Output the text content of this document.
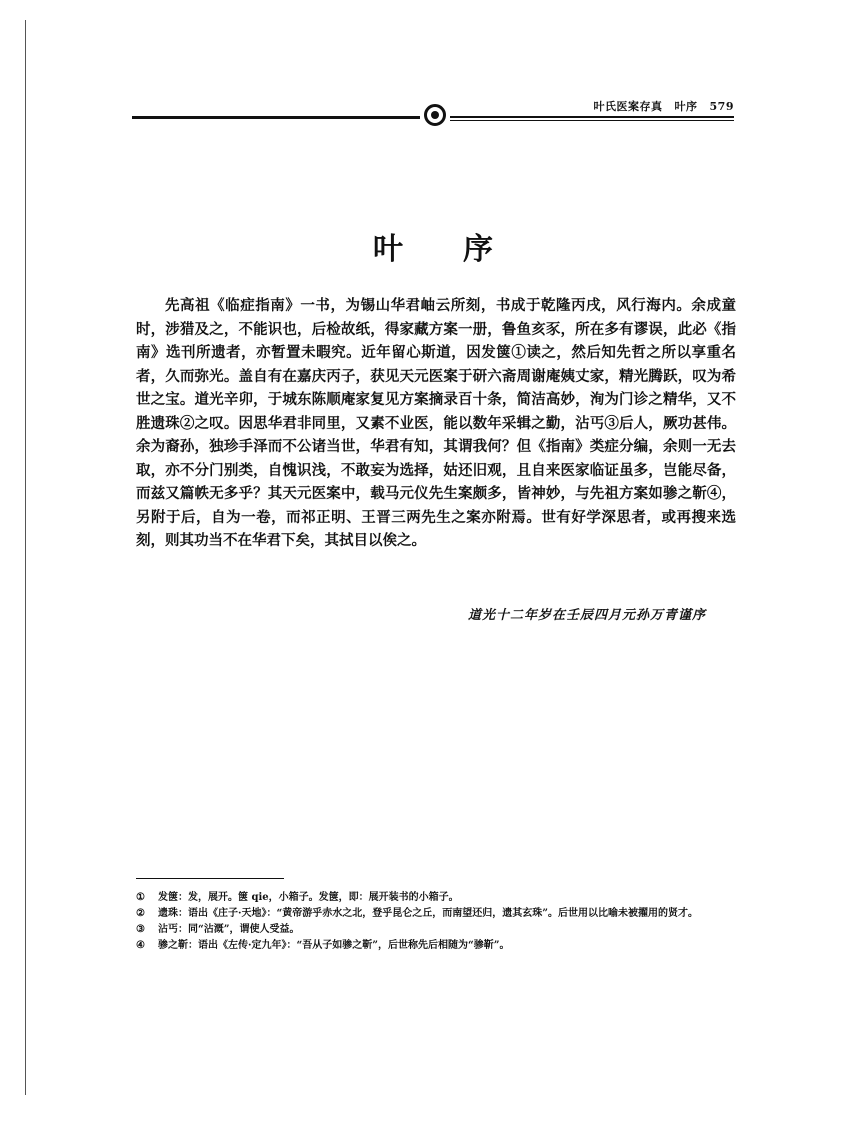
叶氏医案存真 叶序 579
叶序
先高祖《临症指南》一书，为锡山华君岫云所刻，书成于乾隆丙戌，风行海内。余成童时，涉猎及之，不能识也，后检故纸，得家藏方案一册，鲁鱼亥豕，所在多有谬误，此必《指南》选刊所遗者，亦暂置未暇究。近年留心斯道，因发箧①读之，然后知先哲之所以享重名者，久而弥光。盖自有在嘉庆丙子，获见天元医案于研六斋周谢庵姨丈家，精光腾跃，叹为希世之宝。道光辛卯，于城东陈顺庵家复见方案摘录百十条，简洁高妙，洵为门诊之精华，又不胜遗珠②之叹。因思华君非同里，又素不业医，能以数年采辑之勤，沾丐③后人，厥功甚伟。余为裔孙，独珍手泽而不公诸当世，华君有知，其谓我何？但《指南》类症分编，余则一无去取，亦不分门别类，自愧识浅，不敢妄为选择，姑还旧观，且自来医家临证虽多，岂能尽备，而兹又篇帙无多乎？其天元医案中，载马元仪先生案颇多，皆神妙，与先祖方案如骖之靳④，另附于后，自为一卷，而祁正明、王晋三两先生之案亦附焉。世有好学深思者，或再搜来选刻，则其功当不在华君下矣，其拭目以俟之。
道光十二年岁在壬辰四月元孙万青谨序
① 发箧：发，展开。箧 qie，小箱子。发箧，即：展开装书的小箱子。
② 遗珠：语出《庄子·天地》：“黄帝游乎赤水之北，登乎昆仑之丘，而南望还归，遗其玄珠”。后世用以比喻未被擢用的贤才。
③ 沾丐：同“沾溉”，谓使人受益。
④ 骖之靳：语出《左传·定九年》：“吾从子如骖之靳”，后世称先后相随为“骖靳”。
